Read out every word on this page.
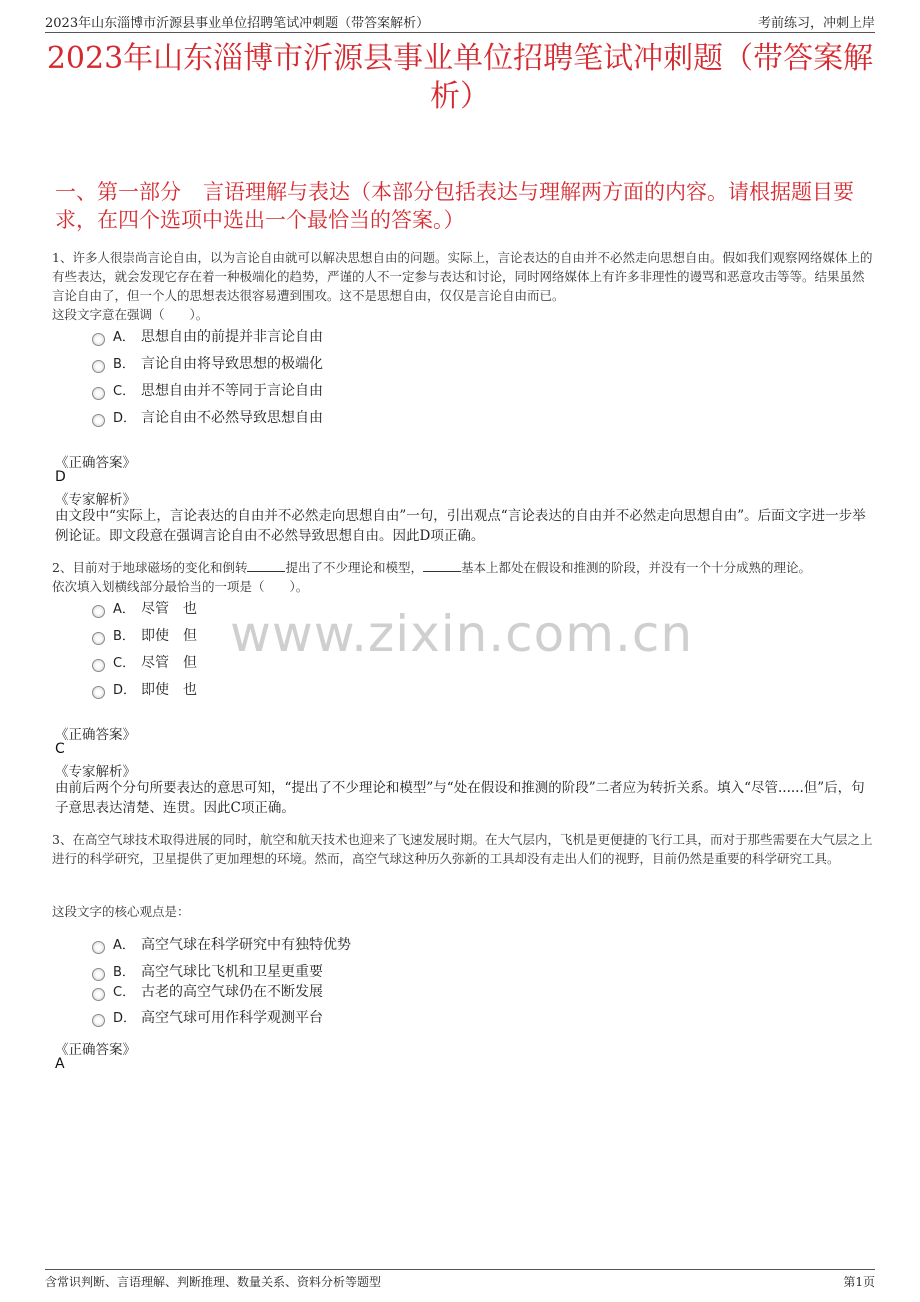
2023年山东淄博市沂源县事业单位招聘笔试冲刺题（带答案解析）	考前练习，冲刺上岸
2023年山东淄博市沂源县事业单位招聘笔试冲刺题（带答案解析）
一、第一部分 言语理解与表达（本部分包括表达与理解两方面的内容。请根据题目要求，在四个选项中选出一个最恰当的答案。）
www.zixin.com.cn
1、许多人很崇尚言论自由，以为言论自由就可以解决思想自由的问题。实际上，言论表达的自由并不必然走向思想自由。假如我们观察网络媒体上的有些表达，就会发现它存在着一种极端化的趋势，严谨的人不一定参与表达和讨论，同时网络媒体上有许多非理性的谩骂和恶意攻击等等。结果虽然言论自由了，但一个人的思想表达很容易遭到围攻。这不是思想自由，仅仅是言论自由而已。
这段文字意在强调（　　）。
A． 思想自由的前提并非言论自由
B． 言论自由将导致思想的极端化
C． 思想自由并不等同于言论自由
D． 言论自由不必然导致思想自由
《正确答案》
D
《专家解析》
由文段中“实际上，言论表达的自由并不必然走向思想自由”一句，引出观点“言论表达的自由并不必然走向思想自由”。后面文字进一步举例论证。即文段意在强调言论自由不必然导致思想自由。因此D项正确。
2、目前对于地球磁场的变化和倒转	提出了不少理论和模型，	基本上都处在假设和推测的阶段，并没有一个十分成熟的理论。
依次填入划横线部分最恰当的一项是（　　）。
A． 尽管　也
B． 即使　但
C． 尽管　但
D． 即使　也
《正确答案》
C
《专家解析》
由前后两个分句所要表达的意思可知，“提出了不少理论和模型”与“处在假设和推测的阶段”二者应为转折关系。填入“尽管......但”后，句子意思表达清楚、连贯。因此C项正确。
3、在高空气球技术取得进展的同时，航空和航天技术也迎来了飞速发展时期。在大气层内，飞机是更便捷的飞行工具，而对于那些需要在大气层之上进行的科学研究，卫星提供了更加理想的环境。然而，高空气球这种历久弥新的工具却没有走出人们的视野，目前仍然是重要的科学研究工具。
这段文字的核心观点是：
A． 高空气球在科学研究中有独特优势
B． 高空气球比飞机和卫星更重要
C． 古老的高空气球仍在不断发展
D． 高空气球可用作科学观测平台
《正确答案》
A
含常识判断、言语理解、判断推理、数量关系、资料分析等题型	第1页
